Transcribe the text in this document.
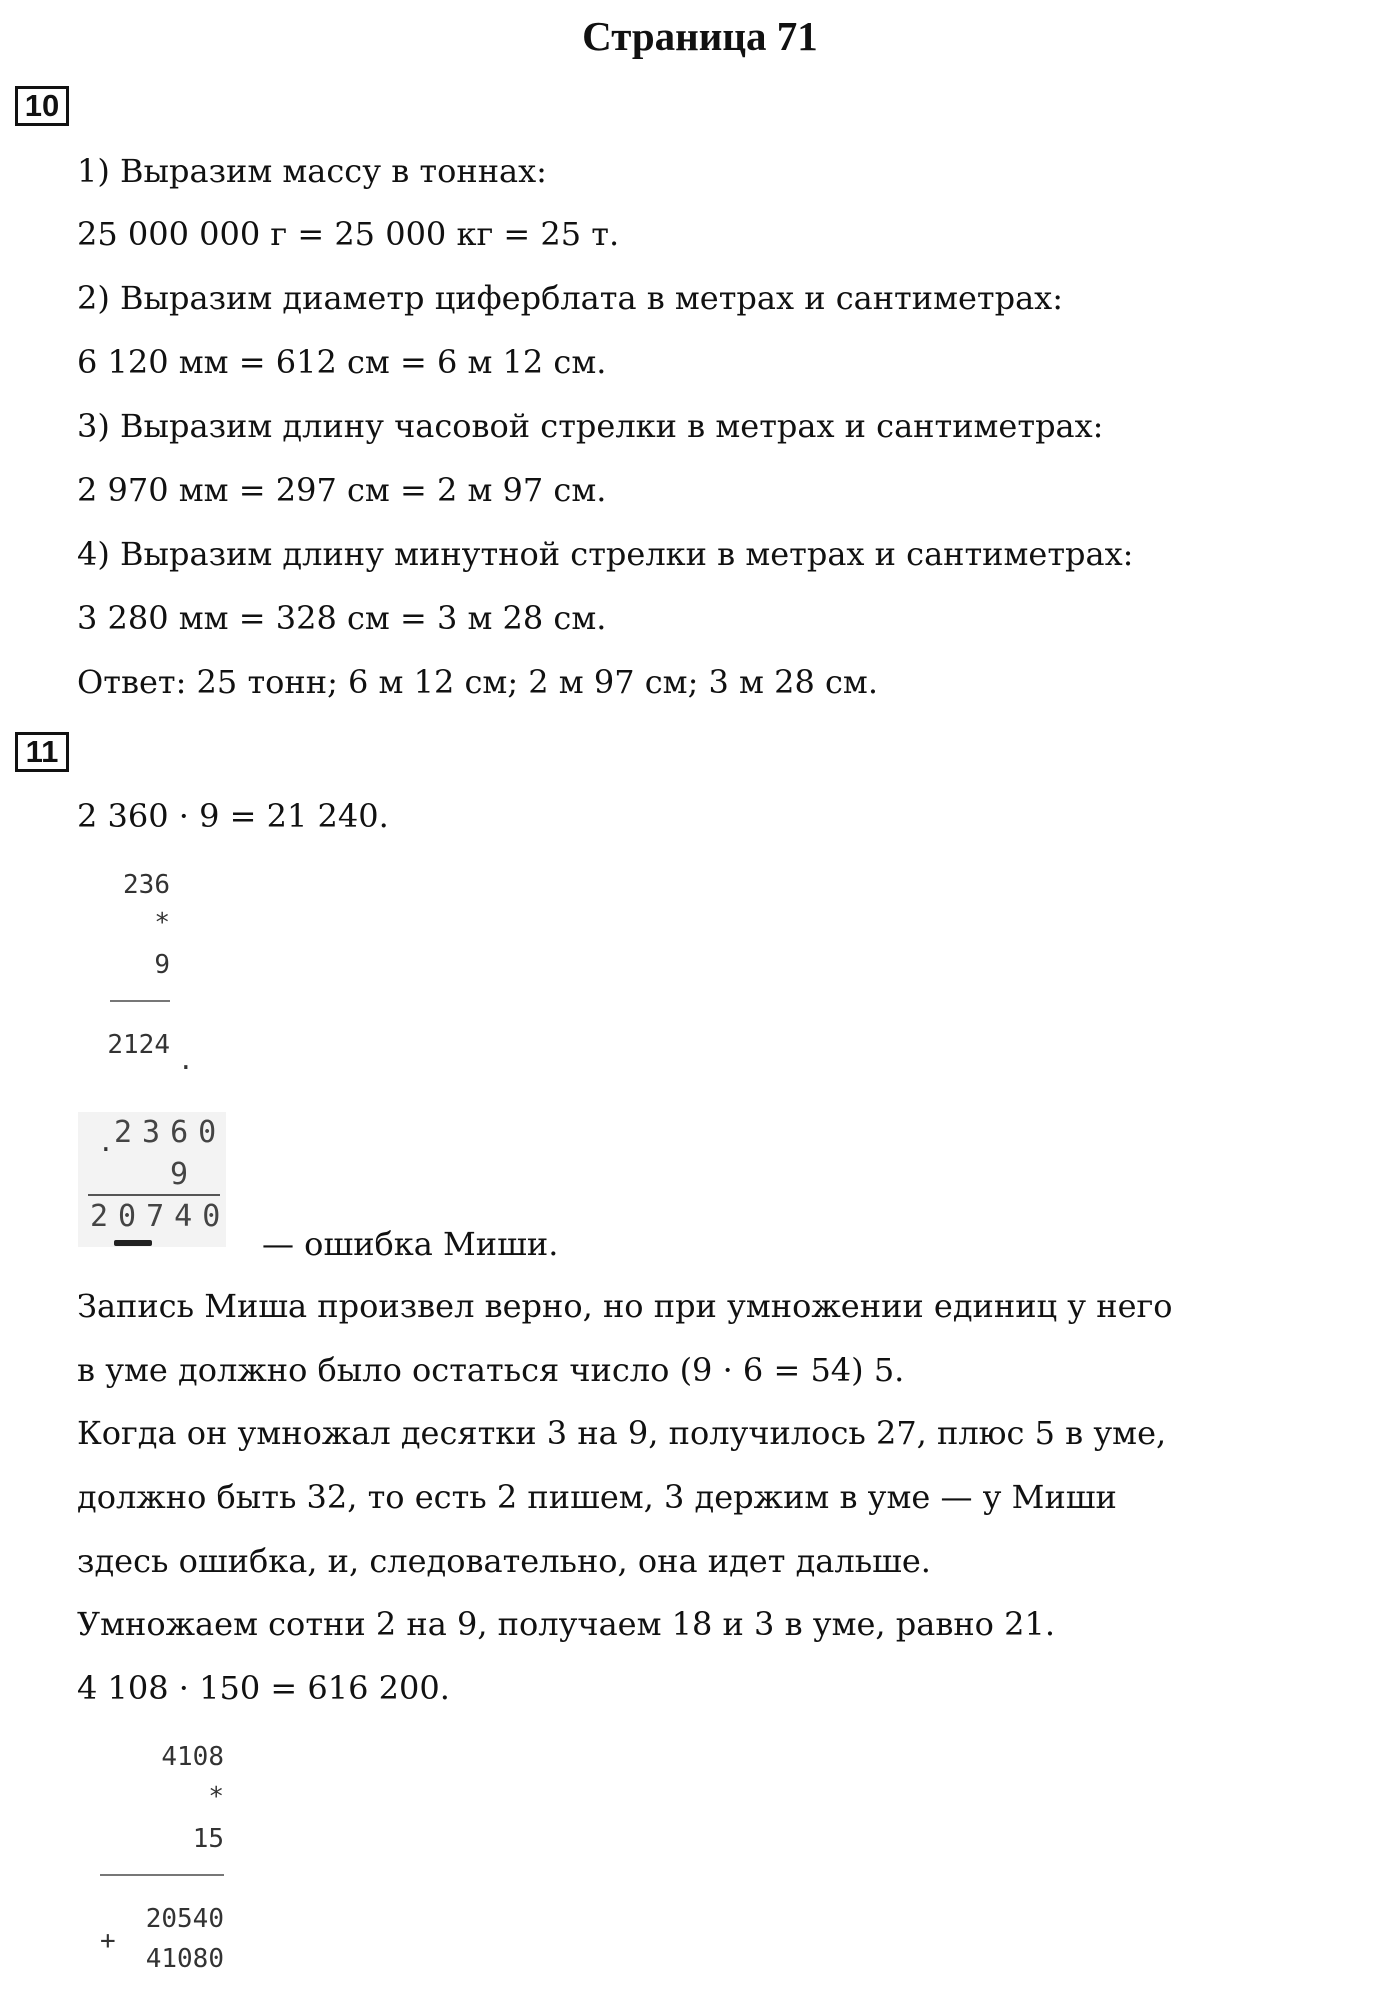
Страница 71
10
1) Выразим массу в тоннах:
25 000 000 г = 25 000 кг = 25 т.
2) Выразим диаметр циферблата в метрах и сантиметрах:
6 120 мм = 612 см = 6 м 12 см.
3) Выразим длину часовой стрелки в метрах и сантиметрах:
2 970 мм = 297 см = 2 м 97 см.
4) Выразим длину минутной стрелки в метрах и сантиметрах:
3 280 мм = 328 см = 3 м 28 см.
Ответ: 25 тонн; 6 м 12 см; 2 м 97 см; 3 м 28 см.
11
2 360 · 9 = 21 240.
236
*
9
2124
.
. 2360
9
20740
— ошибка Миши.
Запись Миша произвел верно, но при умножении единиц у него
в уме должно было остаться число (9 · 6 = 54) 5.
Когда он умножал десятки 3 на 9, получилось 27, плюс 5 в уме,
должно быть 32, то есть 2 пишем, 3 держим в уме — у Миши
здесь ошибка, и, следовательно, она идет дальше.
Умножаем сотни 2 на 9, получаем 18 и 3 в уме, равно 21.
4 108 · 150 = 616 200.
4108
*
15
20540
+
41080
